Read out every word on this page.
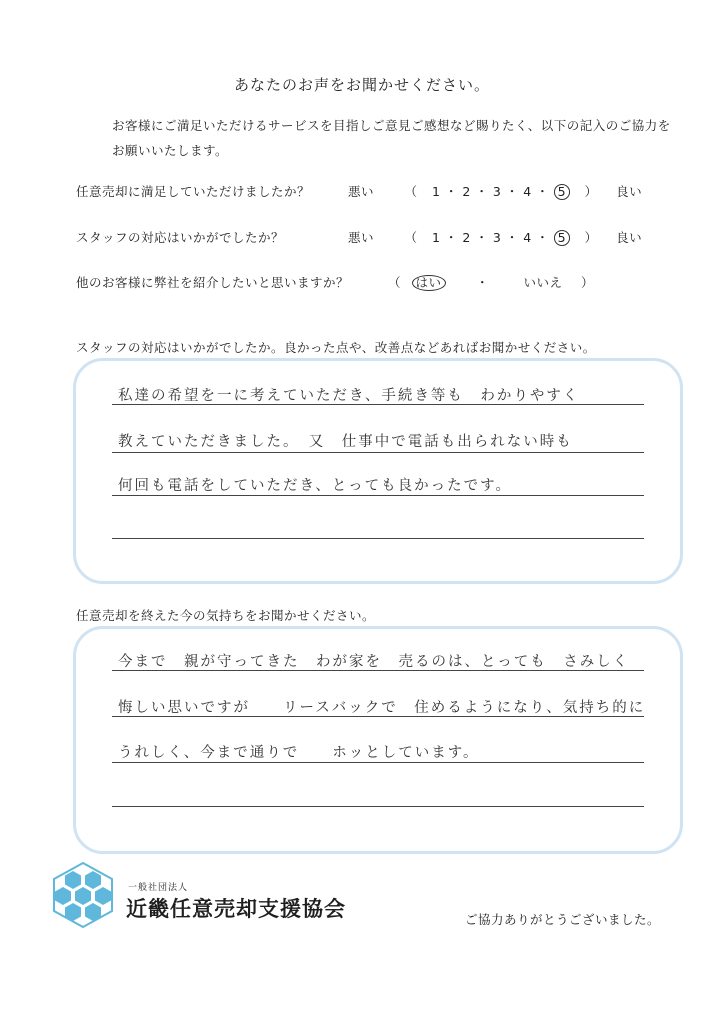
あなたのお声をお聞かせください。
お客様にご満足いただけるサービスを目指しご意見ご感想など賜りたく、以下の記入のご協力をお願いいたします。
任意売却に満足していただけましたか？	悪い （ 1 ・ 2 ・ 3 ・ 4 ・ 5 ） 良い
スタッフの対応はいかがでしたか？	悪い （ 1 ・ 2 ・ 3 ・ 4 ・ 5 ） 良い
他のお客様に弊社を紹介したいと思いますか？	（ はい	・	いいえ ）
スタッフの対応はいかがでしたか。良かった点や、改善点などあればお聞かせください。
私達の希望を一に考えていただき、手続き等も　わかりやすく
教えていただきました。　又　仕事中で電話も出られない時も
何回も電話をしていただき、とっても良かったです。
任意売却を終えた今の気持ちをお聞かせください。
今まで　親が守ってきた　わが家を　売るのは、とっても　さみしく
悔しい思いですが　　リースバックで　住めるようになり、気持ち的に
うれしく、今まで通りで　　ホッとしています。
一般社団法人
近畿任意売却支援協会	ご協力ありがとうございました。
